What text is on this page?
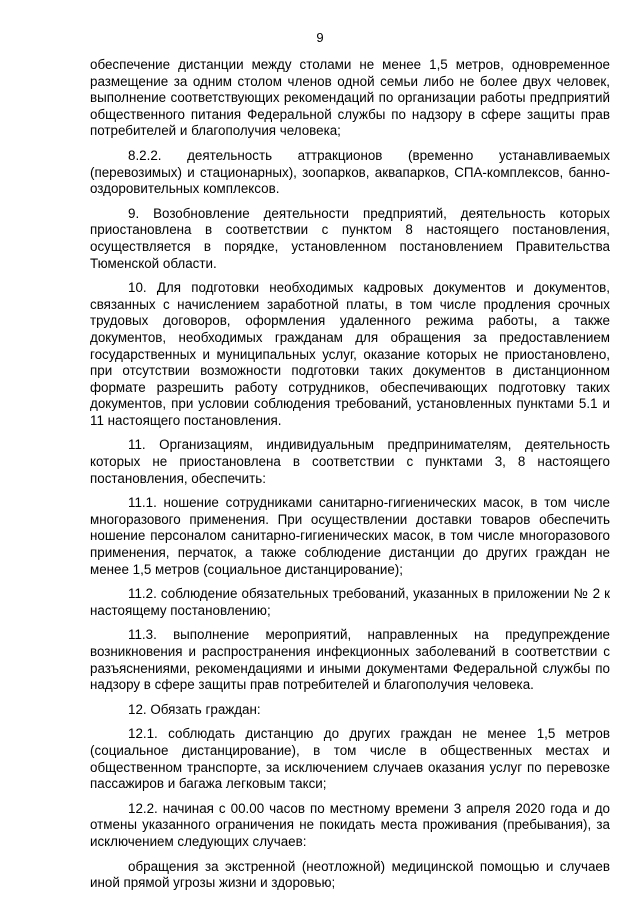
9

обеспечение дистанции между столами не менее 1,5 метров, одновременное размещение за одним столом членов одной семьи либо не более двух человек, выполнение соответствующих рекомендаций по организации работы предприятий общественного питания Федеральной службы по надзору в сфере защиты прав потребителей и благополучия человека;

8.2.2. деятельность аттракционов (временно устанавливаемых (перевозимых) и стационарных), зоопарков, аквапарков, СПА-комплексов, банно-оздоровительных комплексов.

9. Возобновление деятельности предприятий, деятельность которых приостановлена в соответствии с пунктом 8 настоящего постановления, осуществляется в порядке, установленном постановлением Правительства Тюменской области.

10. Для подготовки необходимых кадровых документов и документов, связанных с начислением заработной платы, в том числе продления срочных трудовых договоров, оформления удаленного режима работы, а также документов, необходимых гражданам для обращения за предоставлением государственных и муниципальных услуг, оказание которых не приостановлено, при отсутствии возможности подготовки таких документов в дистанционном формате разрешить работу сотрудников, обеспечивающих подготовку таких документов, при условии соблюдения требований, установленных пунктами 5.1 и 11 настоящего постановления.

11. Организациям, индивидуальным предпринимателям, деятельность которых не приостановлена в соответствии с пунктами 3, 8 настоящего постановления, обеспечить:

11.1. ношение сотрудниками санитарно-гигиенических масок, в том числе многоразового применения. При осуществлении доставки товаров обеспечить ношение персоналом санитарно-гигиенических масок, в том числе многоразового применения, перчаток, а также соблюдение дистанции до других граждан не менее 1,5 метров (социальное дистанцирование);

11.2. соблюдение обязательных требований, указанных в приложении № 2 к настоящему постановлению;

11.3. выполнение мероприятий, направленных на предупреждение возникновения и распространения инфекционных заболеваний в соответствии с разъяснениями, рекомендациями и иными документами Федеральной службы по надзору в сфере защиты прав потребителей и благополучия человека.

12. Обязать граждан:

12.1. соблюдать дистанцию до других граждан не менее 1,5 метров (социальное дистанцирование), в том числе в общественных местах и общественном транспорте, за исключением случаев оказания услуг по перевозке пассажиров и багажа легковым такси;

12.2. начиная с 00.00 часов по местному времени 3 апреля 2020 года и до отмены указанного ограничения не покидать места проживания (пребывания), за исключением следующих случаев:

обращения за экстренной (неотложной) медицинской помощью и случаев иной прямой угрозы жизни и здоровью;
